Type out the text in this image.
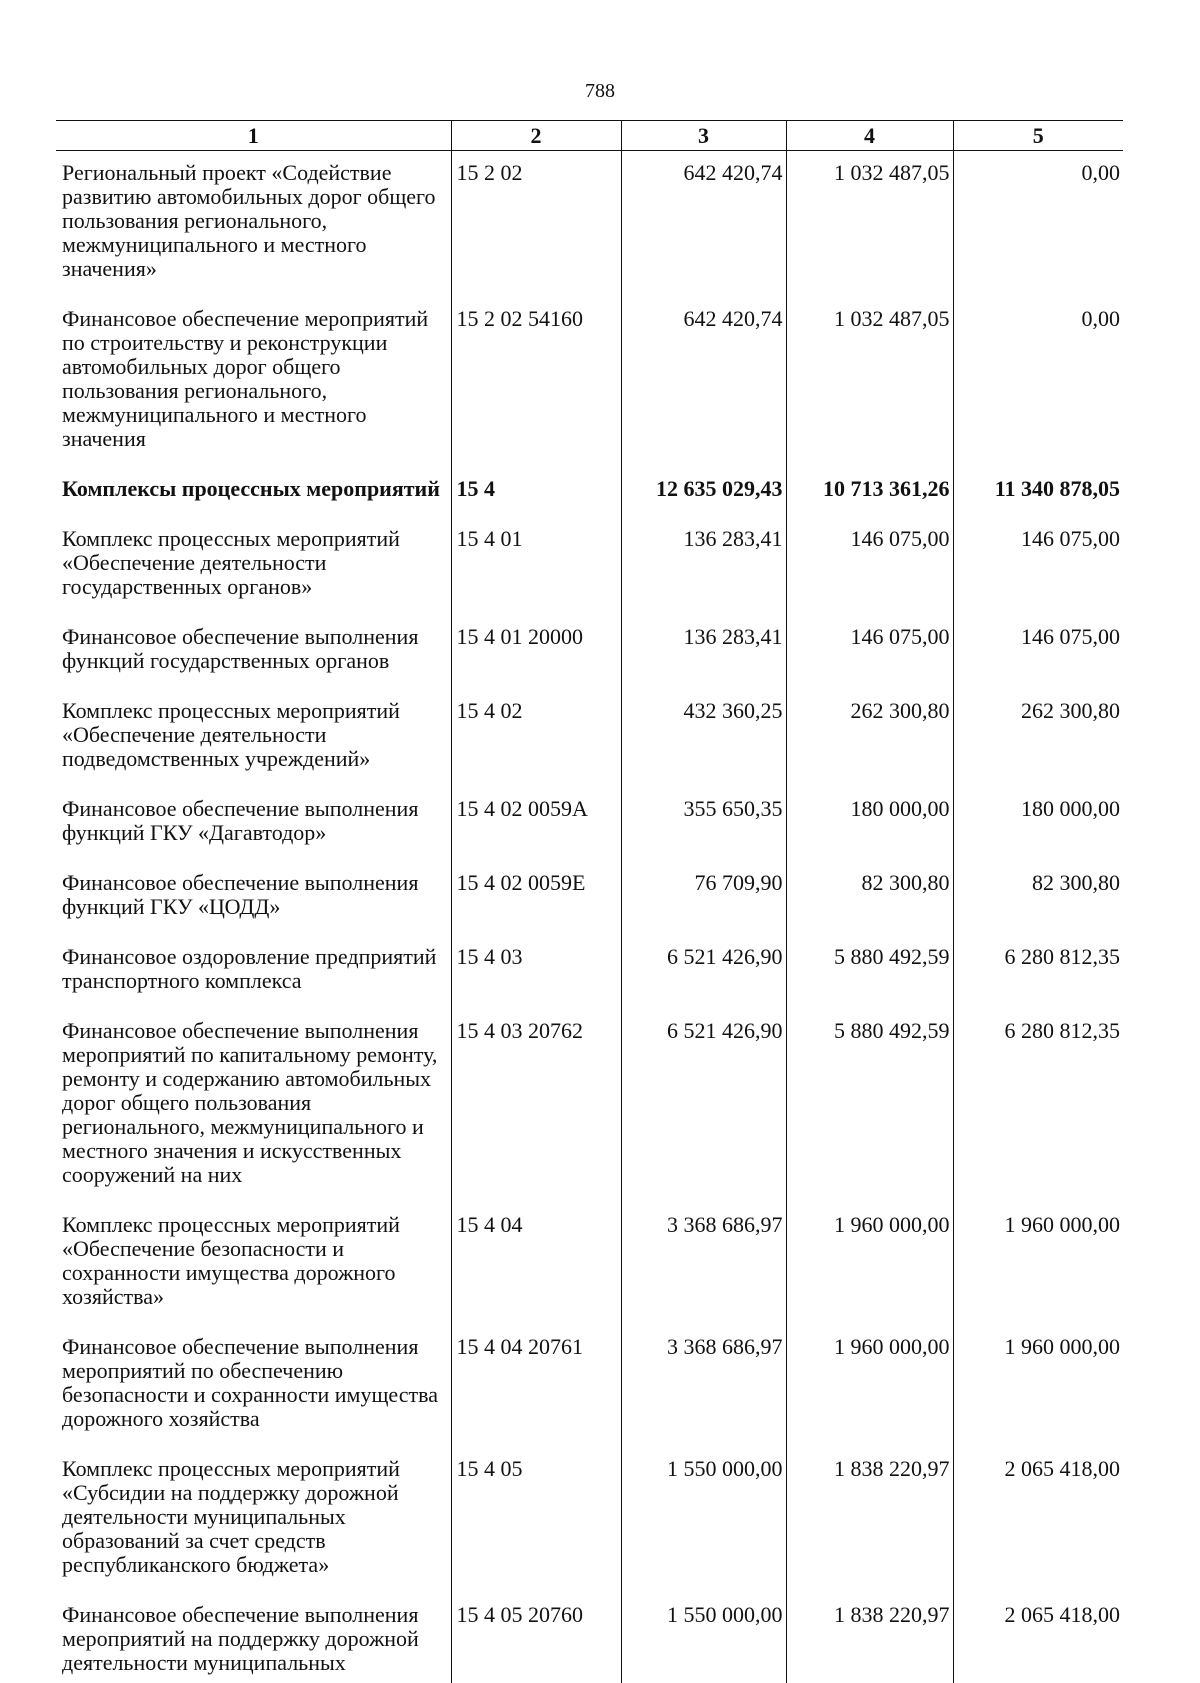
788
1	2	3	4	5
Региональный проект «Содействие развитию автомобильных дорог общего пользования регионального, межмуниципального и местного значения»	15 2 02	642 420,74	1 032 487,05	0,00
Финансовое обеспечение мероприятий по строительству и реконструкции автомобильных дорог общего пользования регионального, межмуниципального и местного значения	15 2 02 54160	642 420,74	1 032 487,05	0,00
Комплексы процессных мероприятий	15 4	12 635 029,43	10 713 361,26	11 340 878,05
Комплекс процессных мероприятий «Обеспечение деятельности государственных органов»	15 4 01	136 283,41	146 075,00	146 075,00
Финансовое обеспечение выполнения функций государственных органов	15 4 01 20000	136 283,41	146 075,00	146 075,00
Комплекс процессных мероприятий «Обеспечение деятельности подведомственных учреждений»	15 4 02	432 360,25	262 300,80	262 300,80
Финансовое обеспечение выполнения функций ГКУ «Дагавтодор»	15 4 02 0059А	355 650,35	180 000,00	180 000,00
Финансовое обеспечение выполнения функций ГКУ «ЦОДД»	15 4 02 0059Е	76 709,90	82 300,80	82 300,80
Финансовое оздоровление предприятий транспортного комплекса	15 4 03	6 521 426,90	5 880 492,59	6 280 812,35
Финансовое обеспечение выполнения мероприятий по капитальному ремонту, ремонту и содержанию автомобильных дорог общего пользования регионального, межмуниципального и местного значения и искусственных сооружений на них	15 4 03 20762	6 521 426,90	5 880 492,59	6 280 812,35
Комплекс процессных мероприятий «Обеспечение безопасности и сохранности имущества дорожного хозяйства»	15 4 04	3 368 686,97	1 960 000,00	1 960 000,00
Финансовое обеспечение выполнения мероприятий по обеспечению безопасности и сохранности имущества дорожного хозяйства	15 4 04 20761	3 368 686,97	1 960 000,00	1 960 000,00
Комплекс процессных мероприятий «Субсидии на поддержку дорожной деятельности муниципальных образований за счет средств республиканского бюджета»	15 4 05	1 550 000,00	1 838 220,97	2 065 418,00
Финансовое обеспечение выполнения мероприятий на поддержку дорожной деятельности муниципальных	15 4 05 20760	1 550 000,00	1 838 220,97	2 065 418,00
